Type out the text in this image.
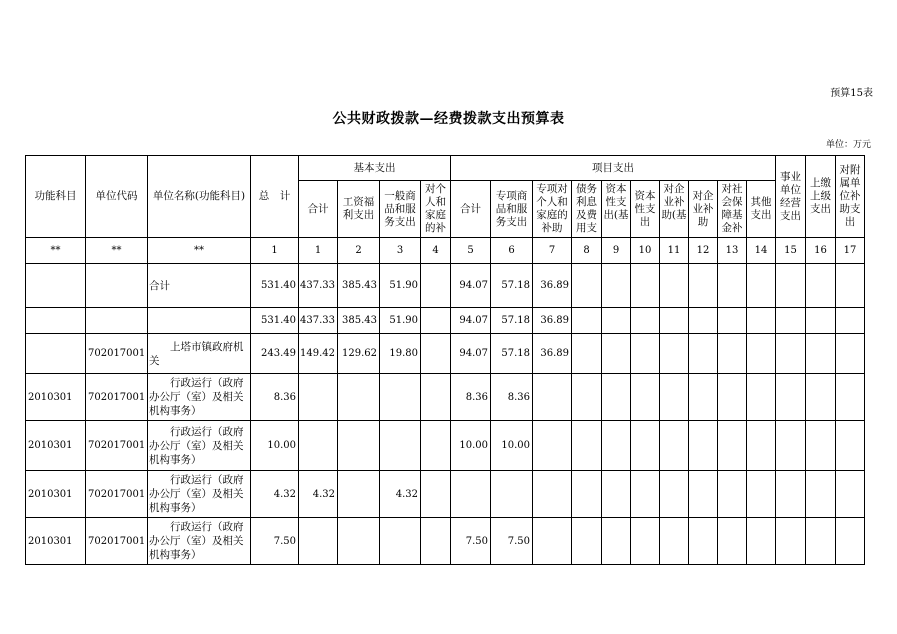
预算15表
公共财政拨款—经费拨款支出预算表
单位：万元
功能科目	单位代码	单位名称(功能科目)	总　计	基本支出				项目支出										事业单位经营支出	上缴上级支出	对附属单位补助支出
				合计	工资福利支出	一般商品和服务支出	对个人和家庭的补	合计	专项商品和服务支出	专项对个人和家庭的补助	债务利息及费用支	资本性支出(基	资本性支出	对企业补助(基	对企业补助	对社会保障基金补	其他支出			
**	**	**	1	1	2	3	4	5	6	7	8	9	10	11	12	13	14	15	16	17
		合计	531.40	437.33	385.43	51.90		94.07	57.18	36.89										
			531.40	437.33	385.43	51.90		94.07	57.18	36.89										
	702017001	上塔市镇政府机关	243.49	149.42	129.62	19.80		94.07	57.18	36.89										
2010301	702017001	行政运行（政府办公厅（室）及相关机构事务）	8.36					8.36	8.36											
2010301	702017001	行政运行（政府办公厅（室）及相关机构事务）	10.00					10.00	10.00											
2010301	702017001	行政运行（政府办公厅（室）及相关机构事务）	4.32	4.32		4.32														
2010301	702017001	行政运行（政府办公厅（室）及相关机构事务）	7.50					7.50	7.50											
